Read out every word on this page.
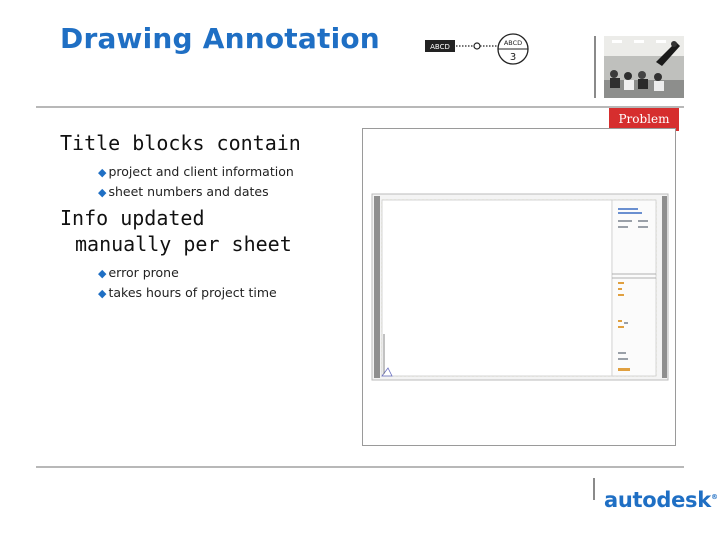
Drawing Annotation	ABCD	ABCD
3
Problem
Title blocks contain
◆ project and client information
◆ sheet numbers and dates
Info updated
manually per sheet
◆ error prone
◆ takes hours of project time
autodesk®
